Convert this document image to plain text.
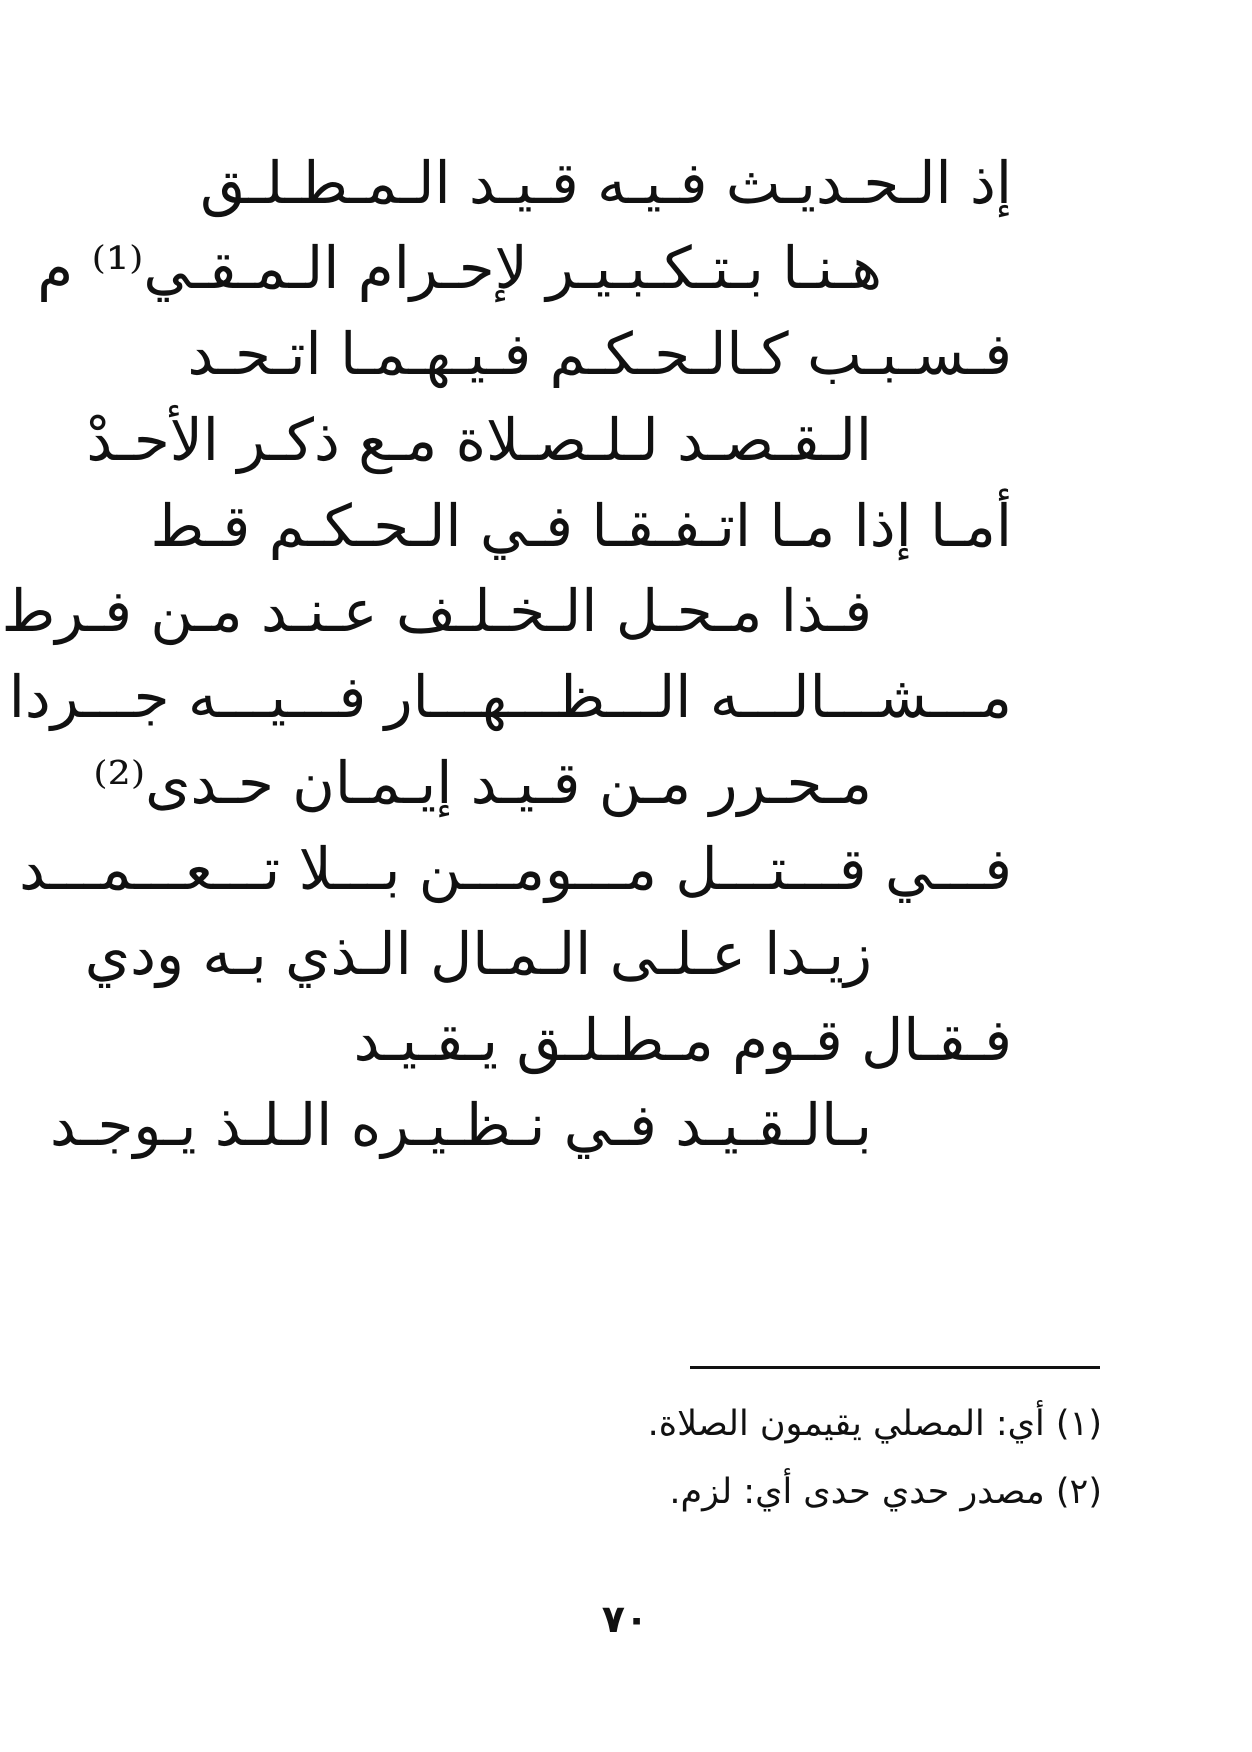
إذ الـحـديـث فـيـه قـيـد الـمـطـلـق
هـنـا بـتـكـبـيـر لإحـرام الـمـقـي⁽¹⁾ م
فـسـبـب كـالـحـكـم فـيـهـمـا اتـحـد
الـقـصـد لـلـصـلاة مـع ذكـر الأحـدْ
أمـا إذا مـا اتـفـقـا فـي الـحـكـم قـط
فـذا مـحـل الـخـلـف عـنـد مـن فـرط
مـــشـــالـــه الـــظـــهـــار فـــيـــه جـــردا
مـحـرر مـن قـيـد إيـمـان حـدى⁽²⁾
فـــي قـــتـــل مـــومـــن بـــلا تـــعـــمـــد
زيـدا عـلـى الـمـال الـذي بـه ودي
فـقـال قـوم مـطـلـق يـقـيـد
بـالـقـيـد فـي نـظـيـره الـلـذ يـوجـد
(١) أي: المصلي يقيمون الصلاة.
(٢) مصدر حدي حدى أي: لزم.
٧٠
